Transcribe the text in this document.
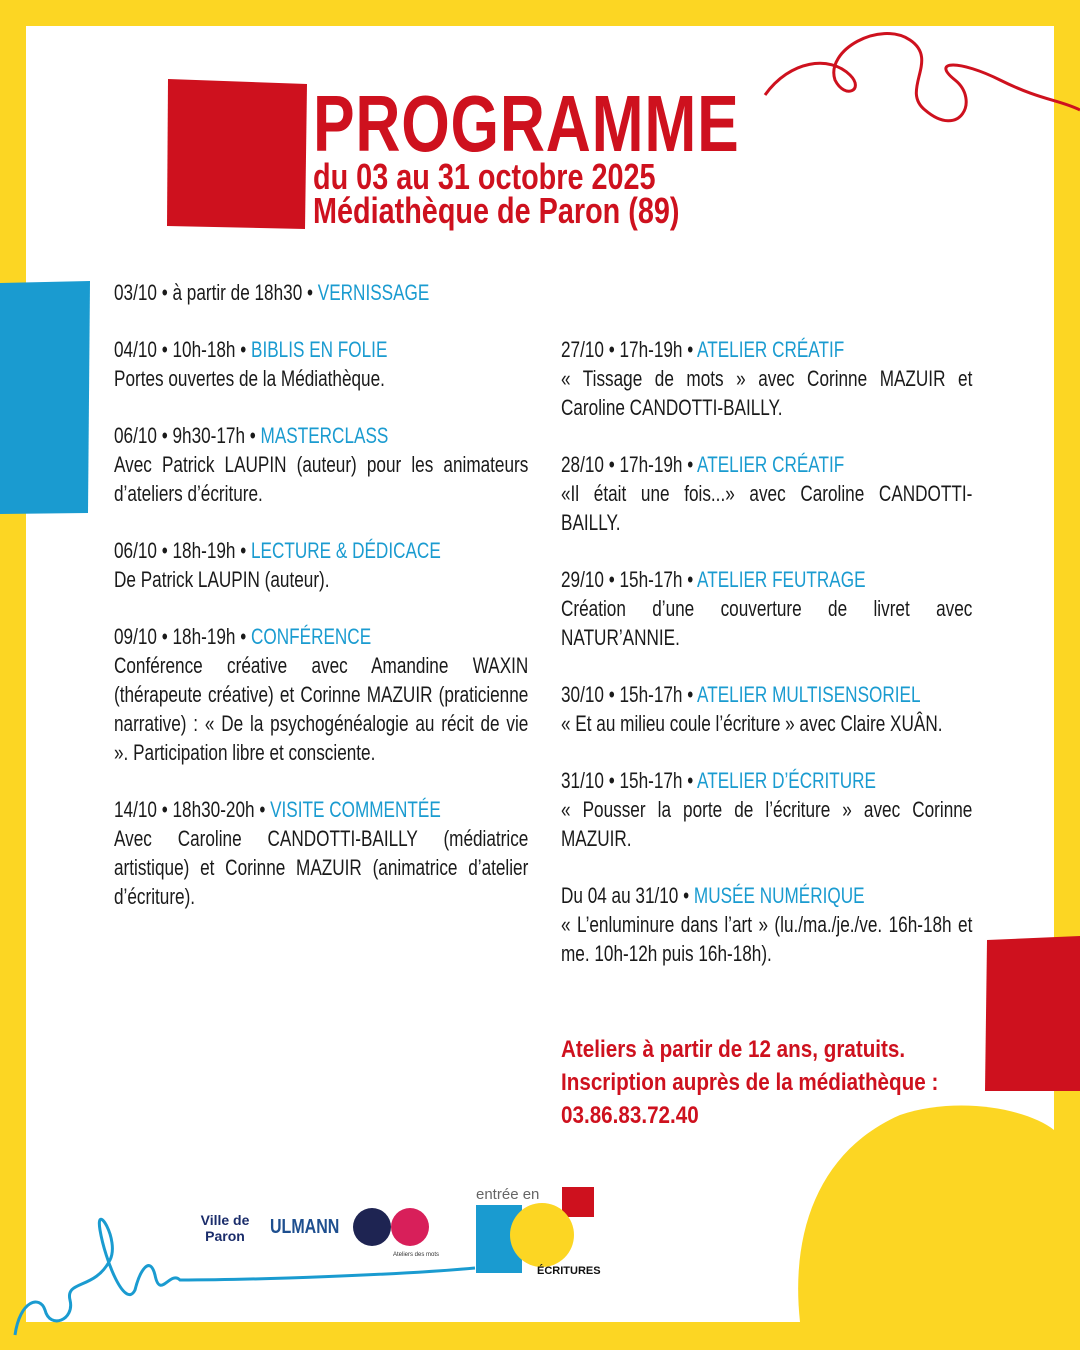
PROGRAMME
du 03 au 31 octobre 2025
Médiathèque de Paron (89)

03/10 • à partir de 18h30 • VERNISSAGE

04/10 • 10h-18h • BIBLIS EN FOLIE

Portes ouvertes de la Médiathèque.

06/10 • 9h30-17h • MASTERCLASS

Avec Patrick LAUPIN (auteur) pour les animateurs d’ateliers d’écriture.

06/10 • 18h-19h • LECTURE & DÉDICACE

De Patrick LAUPIN (auteur).

09/10 • 18h-19h • CONFÉRENCE

Conférence créative avec Amandine WAXIN (thérapeute créative) et Corinne MAZUIR (praticienne narrative) : « De la psychogénéalogie au récit de vie ». Participation libre et consciente.

14/10 • 18h30-20h • VISITE COMMENTÉE

Avec Caroline CANDOTTI-BAILLY (médiatrice artistique) et Corinne MAZUIR (animatrice d’atelier d’écriture).

27/10 • 17h-19h • ATELIER CRÉATIF

« Tissage de mots » avec Corinne MAZUIR et Caroline CANDOTTI-BAILLY.

28/10 • 17h-19h • ATELIER CRÉATIF

«Il était une fois...» avec Caroline CANDOTTI-BAILLY.

29/10 • 15h-17h • ATELIER FEUTRAGE

Création d’une couverture de livret avec NATUR’ANNIE.

30/10 • 15h-17h • ATELIER MULTISENSORIEL

« Et au milieu coule l’écriture » avec Claire XUÂN.

31/10 • 15h-17h • ATELIER D’ÉCRITURE

« Pousser la porte de l’écriture » avec Corinne MAZUIR.

Du 04 au 31/10 • MUSÉE NUMÉRIQUE

« L’enluminure dans l’art » (lu./ma./je./ve. 16h-18h et me. 10h-12h puis 16h-18h).

Ateliers à partir de 12 ans, gratuits.
Inscription auprès de la médiathèque :
03.86.83.72.40
Ville de Paron	ULMANN
Ateliers des mots
entrée en
ÉCRITURES
